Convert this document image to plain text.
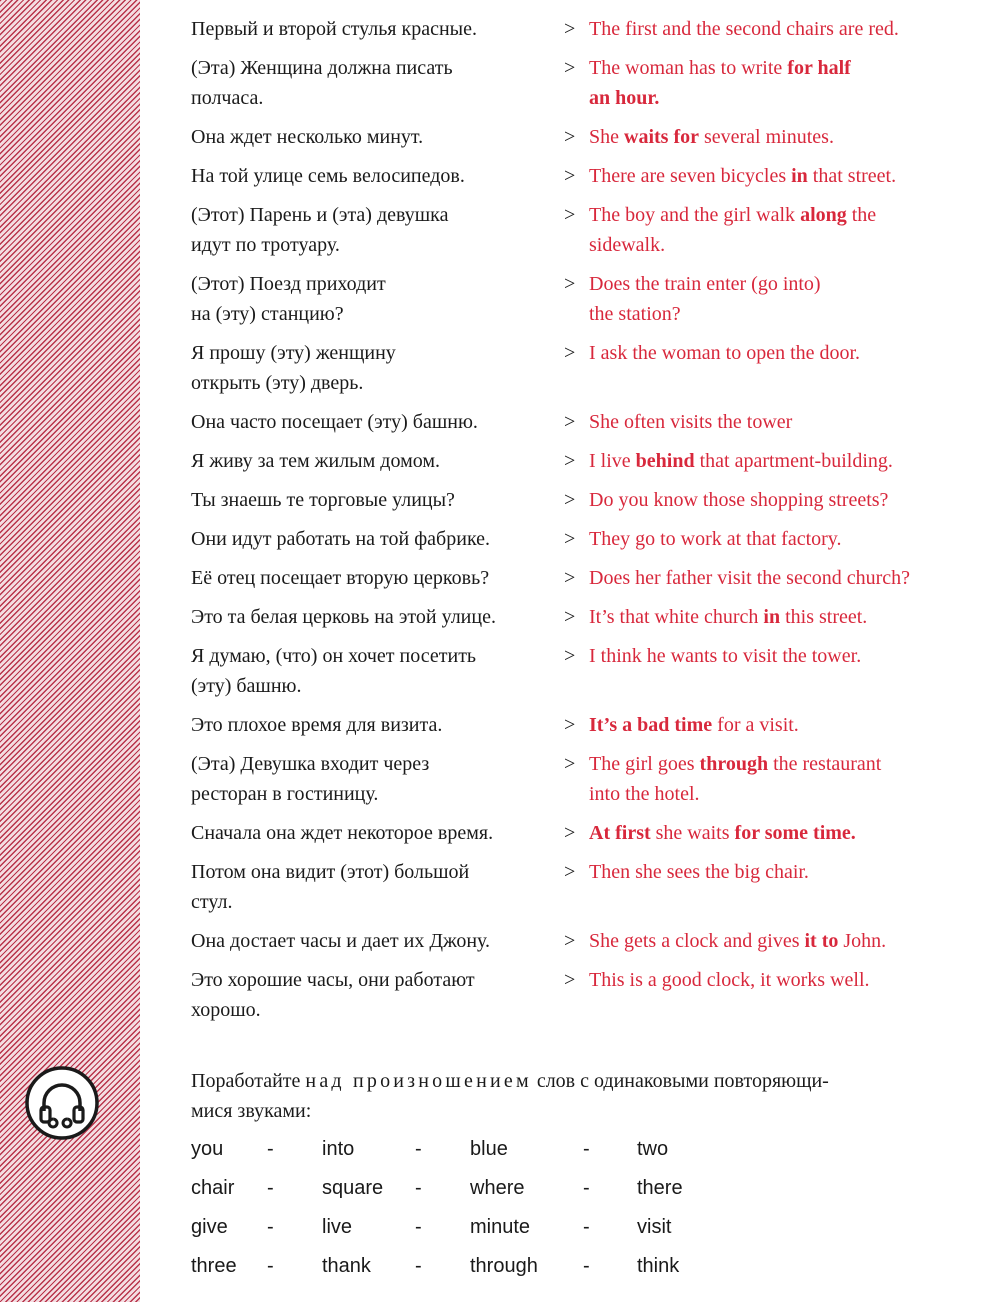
Первый и второй стулья красные.	> The first and the second chairs are red.
(Эта) Женщина должна писать
полчаса.
> The woman has to write for half
an hour.
Она ждет несколько минут.	> She waits for several minutes.
На той улице семь велосипедов.	> There are seven bicycles in that street.
(Этот) Парень и (эта) девушка
идут по тротуару.
> The boy and the girl walk along the
sidewalk.
(Этот) Поезд приходит
на (эту) станцию?
> Does the train enter (go into)
the station?
Я прошу (эту) женщину
открыть (эту) дверь.
> I ask the woman to open the door.
Она часто посещает (эту) башню.	> She often visits the tower
Я живу за тем жилым домом.	> I live behind that apartment-building.
Ты знаешь те торговые улицы?	> Do you know those shopping streets?
Они идут работать на той фабрике.	> They go to work at that factory.
Её отец посещает вторую церковь?	> Does her father visit the second church?
Это та белая церковь на этой улице.	> It’s that white church in this street.
Я думаю, (что) он хочет посетить
(эту) башню.
> I think he wants to visit the tower.
Это плохое время для визита.	> It’s a bad time for a visit.
(Эта) Девушка входит через
ресторан в гостиницу.
> The girl goes through the restaurant
into the hotel.
Сначала она ждет некоторое время.	> At first she waits for some time.
Потом она видит (этот) большой
стул.
> Then she sees the big chair.
Она достает часы и дает их Джону.	> She gets a clock and gives it to John.
Это хорошие часы, они работают
хорошо.
> This is a good clock, it works well.
Поработайте над произношением слов с одинаковыми повторяющи-
мися звуками:
you - into	- blue	- two
chair - square - where	- there
give - live	- minute	- visit
three - thank - through - think
